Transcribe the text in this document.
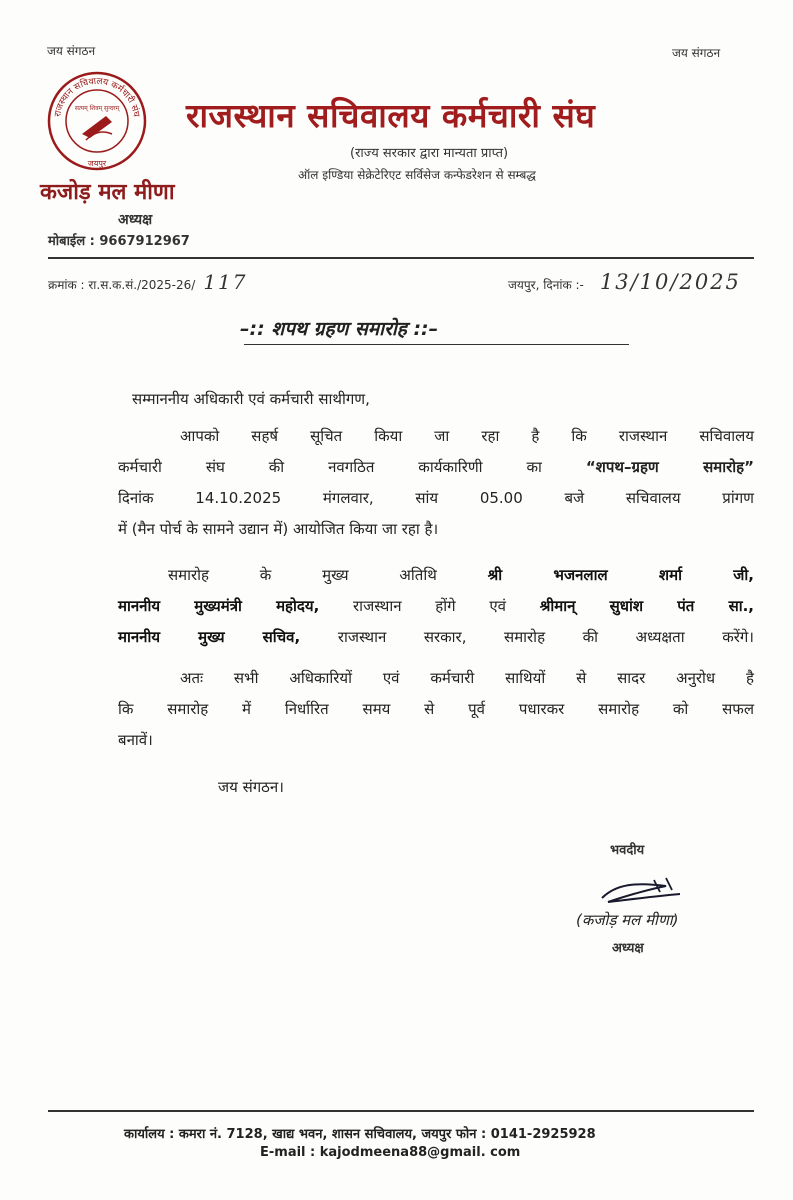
जय संगठन	जय संगठन
राजस्थान सचिवालय कर्मचारी संघ
सत्यम् शिवम् सुन्दरम्
जयपुर
राजस्थान सचिवालय कर्मचारी संघ
(राज्य सरकार द्वारा मान्यता प्राप्त)
ऑल इण्डिया सेक्रेटेरिएट सर्विसेज कन्फेडरेशन से सम्बद्ध
कजोड़ मल मीणा
अध्यक्ष
मोबाईल : 9667912967
क्रमांक : रा.स.क.सं./2025-26/ 117	जयपुर, दिनांक :- 13/10/2025
–:: शपथ ग्रहण समारोह ::–
सम्माननीय अधिकारी एवं कर्मचारी साथीगण,
आपको सहर्ष सूचित किया जा रहा है कि राजस्थान सचिवालय
कर्मचारी संघ की नवगठित कार्यकारिणी का	“शपथ–ग्रहण समारोह”
दिनांक 14.10.2025 मंगलवार, सांय 05.00 बजे सचिवालय प्रांगण
में (मैन पोर्च के सामने उद्यान में) आयोजित किया जा रहा है।
समारोह के मुख्य अतिथि	श्री भजनलाल शर्मा जी,
माननीय मुख्यमंत्री महोदय, राजस्थान होंगे एवं श्रीमान् सुधांश पंत सा.,
माननीय मुख्य सचिव,	राजस्थान सरकार, समारोह की अध्यक्षता करेंगे।
अतः सभी अधिकारियों एवं कर्मचारी साथियों से सादर अनुरोध है
कि समारोह में निर्धारित समय से पूर्व पधारकर समारोह को सफल
बनावें।
जय संगठन।
भवदीय
(कजोड़ मल मीणा)
अध्यक्ष
कार्यालय : कमरा नं. 7128, खाद्य भवन, शासन सचिवालय, जयपुर फोन : 0141-2925928
E-mail : kajodmeena88@gmail. com
